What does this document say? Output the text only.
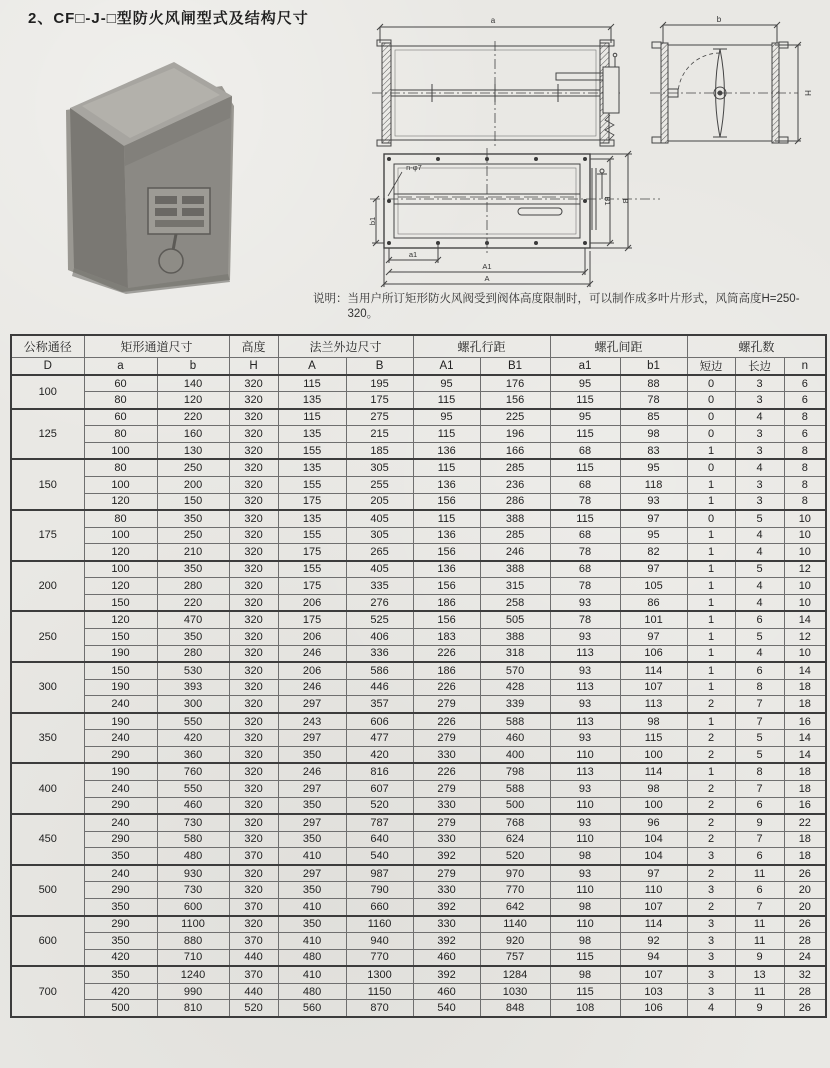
2、CF□-J-□型防火风闸型式及结构尺寸	a	b
H
n-φ7
b1
B1 B
a1
A1
A
说明： 当用户所订矩形防火风阀受到阀体高度限制时，可以制作成多叶片形式，风筒高度H=250-320。

公称通径	矩形通道尺寸		高度	法兰外边尺寸		螺孔行距		螺孔间距		螺孔数		
D	a	b	H	A	B	A1	B1	a1	b1	短边	长边	n
100	60	140	320	115	195	95	176	95	88	0	3	6
	80	120	320	135	175	115	156	115	78	0	3	6
125	60	220	320	115	275	95	225	95	85	0	4	8
	80	160	320	135	215	115	196	115	98	0	3	6
	100	130	320	155	185	136	166	68	83	1	3	8
150	80	250	320	135	305	115	285	115	95	0	4	8
	100	200	320	155	255	136	236	68	118	1	3	8
	120	150	320	175	205	156	286	78	93	1	3	8
175	80	350	320	135	405	115	388	115	97	0	5	10
	100	250	320	155	305	136	285	68	95	1	4	10
	120	210	320	175	265	156	246	78	82	1	4	10
200	100	350	320	155	405	136	388	68	97	1	5	12
	120	280	320	175	335	156	315	78	105	1	4	10
	150	220	320	206	276	186	258	93	86	1	4	10
250	120	470	320	175	525	156	505	78	101	1	6	14
	150	350	320	206	406	183	388	93	97	1	5	12
	190	280	320	246	336	226	318	113	106	1	4	10
300	150	530	320	206	586	186	570	93	114	1	6	14
	190	393	320	246	446	226	428	113	107	1	8	18
	240	300	320	297	357	279	339	93	113	2	7	18
350	190	550	320	243	606	226	588	113	98	1	7	16
	240	420	320	297	477	279	460	93	115	2	5	14
	290	360	320	350	420	330	400	110	100	2	5	14
400	190	760	320	246	816	226	798	113	114	1	8	18
	240	550	320	297	607	279	588	93	98	2	7	18
	290	460	320	350	520	330	500	110	100	2	6	16
450	240	730	320	297	787	279	768	93	96	2	9	22
	290	580	320	350	640	330	624	110	104	2	7	18
	350	480	370	410	540	392	520	98	104	3	6	18
500	240	930	320	297	987	279	970	93	97	2	11	26
	290	730	320	350	790	330	770	110	110	3	6	20
	350	600	370	410	660	392	642	98	107	2	7	20
600	290	1100	320	350	1160	330	1140	110	114	3	11	26
	350	880	370	410	940	392	920	98	92	3	11	28
	420	710	440	480	770	460	757	115	94	3	9	24
700	350	1240	370	410	1300	392	1284	98	107	3	13	32
	420	990	440	480	1150	460	1030	115	103	3	11	28
	500	810	520	560	870	540	848	108	106	4	9	26
